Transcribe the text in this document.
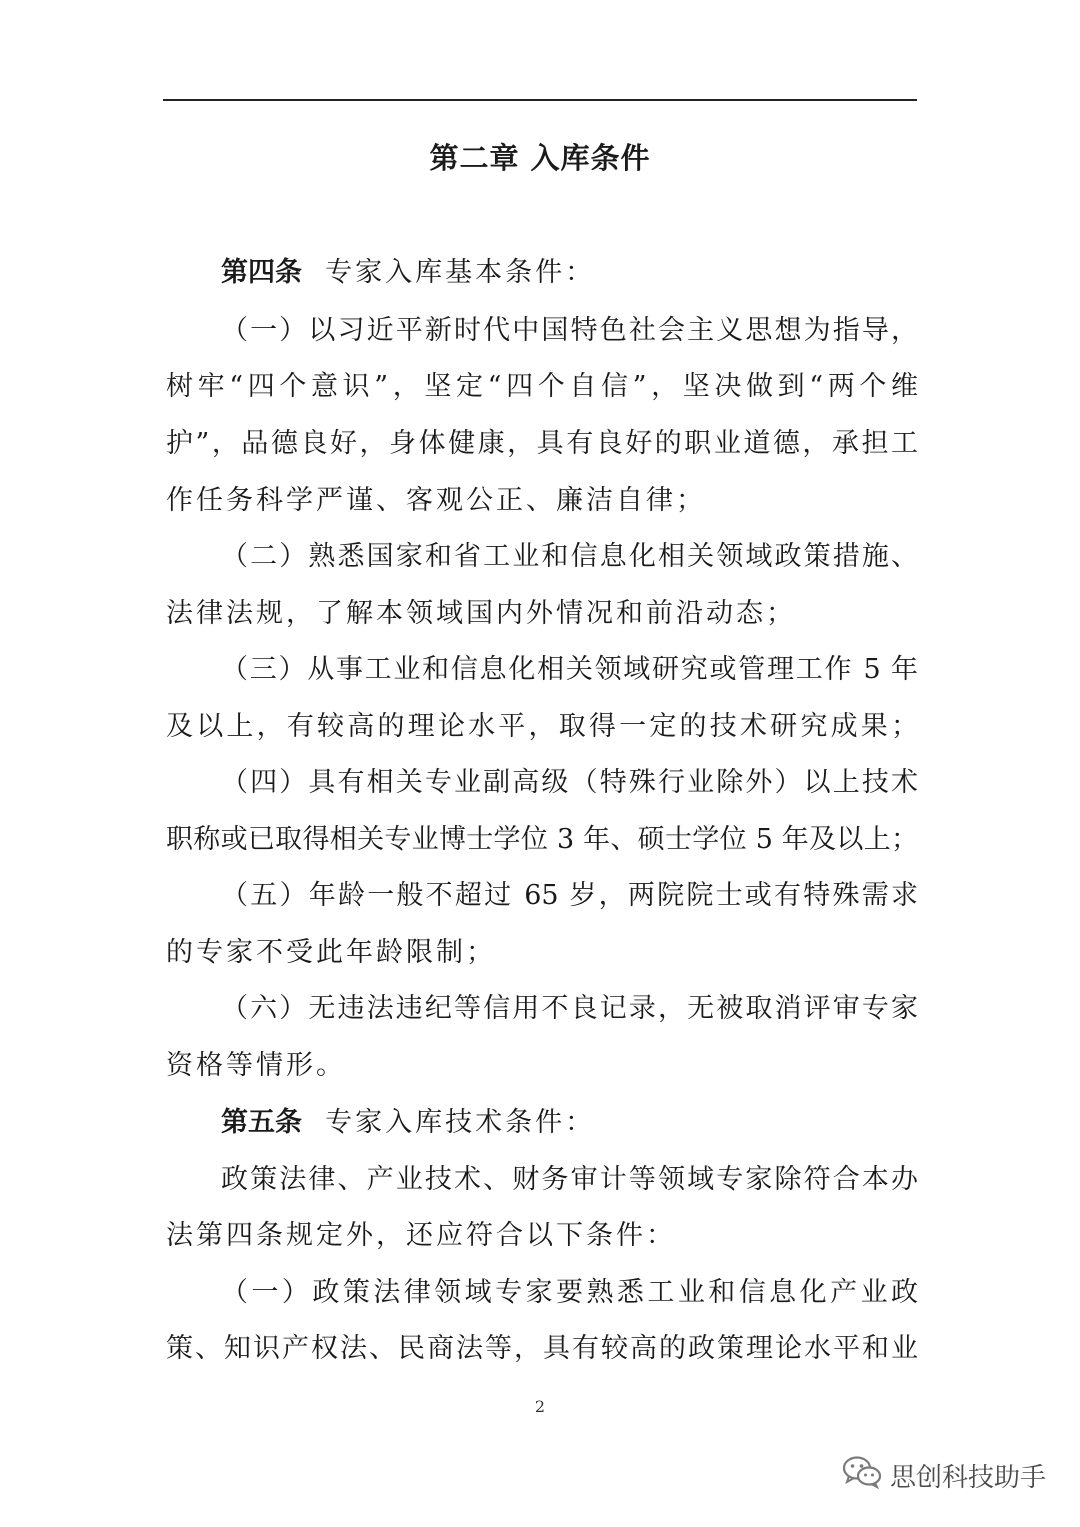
第二章 入库条件
第四条 专家入库基本条件：
（一）以习近平新时代中国特色社会主义思想为指导，
树牢“四个意识”，坚定“四个自信”，坚决做到“两个维
护”，品德良好，身体健康，具有良好的职业道德，承担工
作任务科学严谨、客观公正、廉洁自律；
（二）熟悉国家和省工业和信息化相关领域政策措施、
法律法规，了解本领域国内外情况和前沿动态；
（三）从事工业和信息化相关领域研究或管理工作 5 年
及以上，有较高的理论水平，取得一定的技术研究成果；
（四）具有相关专业副高级（特殊行业除外）以上技术
职称或已取得相关专业博士学位 3 年、硕士学位 5 年及以上；
（五）年龄一般不超过 65 岁，两院院士或有特殊需求
的专家不受此年龄限制；
（六）无违法违纪等信用不良记录，无被取消评审专家
资格等情形。
第五条 专家入库技术条件：
政策法律、产业技术、财务审计等领域专家除符合本办
法第四条规定外，还应符合以下条件：
（一）政策法律领域专家要熟悉工业和信息化产业政
策、知识产权法、民商法等，具有较高的政策理论水平和业
2
思创科技助手
